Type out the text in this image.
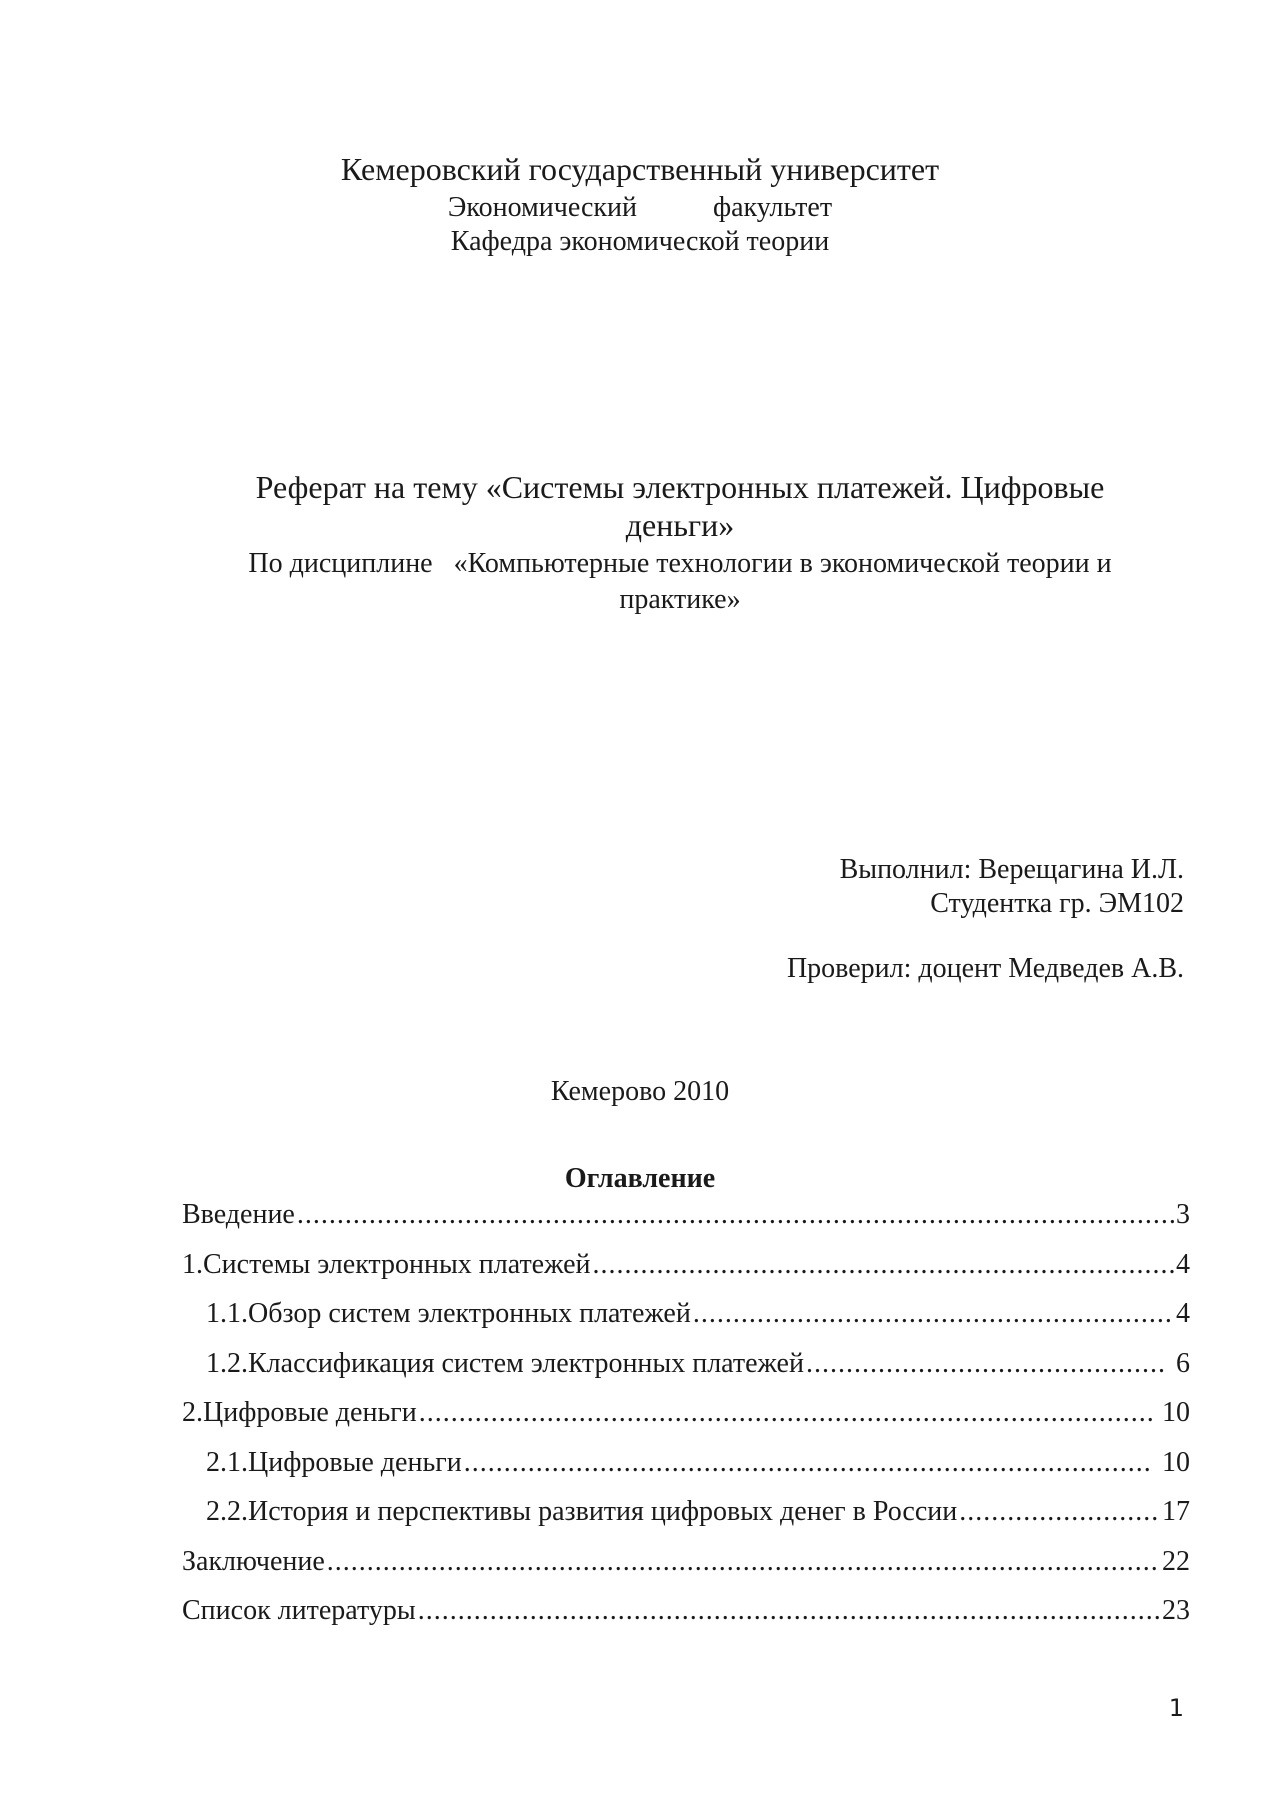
Кемеровский государственный университет
Экономический    факультет
Кафедра экономической теории
Реферат на тему «Системы электронных платежей. Цифровые
деньги»
По дисциплине   «Компьютерные технологии в экономической теории и
практике»
Выполнил: Верещагина И.Л.
Студентка гр. ЭМ102
Проверил: доцент Медведев А.В.
Кемерово 2010
Оглавление
Введение .....	3
1.Системы электронных платежей .....	4
1.1.Обзор систем электронных платежей .....	4
1.2.Классификация систем электронных платежей .....	6
2.Цифровые деньги .....	10
2.1.Цифровые деньги .....	10
2.2.История и перспективы развития цифровых денег в России .....	17
Заключение .....	22
Список литературы .....	23
1
